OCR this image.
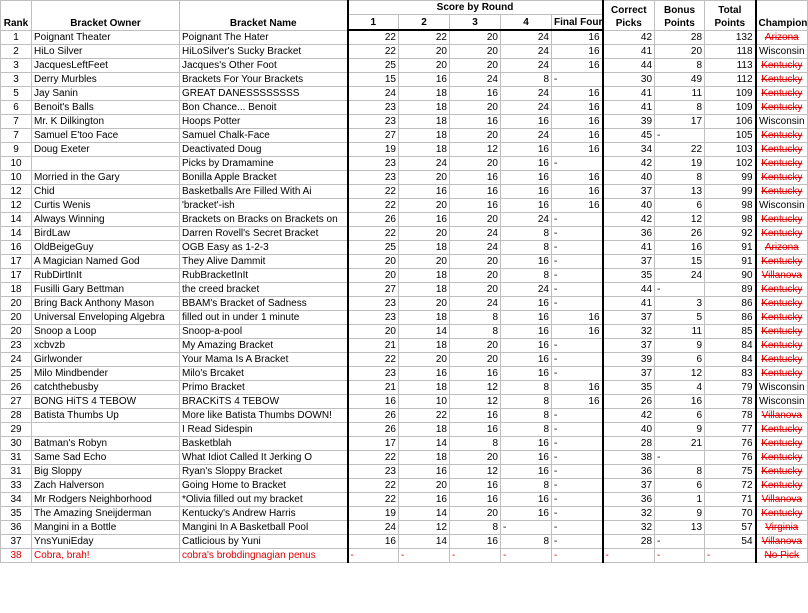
Rank	Bracket Owner	Bracket Name	Score by Round					Correct Picks	Bonus Points	Total Points	Champion
			1	2	3	4	Final Four				
1	Poignant Theater	Poignant The Hater	22	22	20	24	16	42	28	132	Arizona
2	HiLo Silver	HiLoSilver's Sucky Bracket	22	20	20	24	16	41	20	118	Wisconsin
3	JacquesLeftFeet	Jacques's Other Foot	25	20	20	24	16	44	8	113	Kentucky
3	Derry Murbles	Brackets For Your Brackets	15	16	24	8	-	30	49	112	Kentucky
5	Jay Sanin	GREAT DANESSSSSSSS	24	18	16	24	16	41	11	109	Kentucky
6	Benoit's Balls	Bon Chance... Benoit	23	18	20	24	16	41	8	109	Kentucky
7	Mr. K Dilkington	Hoops Potter	23	18	16	16	16	39	17	106	Wisconsin
7	Samuel E'too Face	Samuel Chalk-Face	27	18	20	24	16	45	-	105	Kentucky
9	Doug Exeter	Deactivated Doug	19	18	12	16	16	34	22	103	Kentucky
10		Picks by Dramamine	23	24	20	16	-	42	19	102	Kentucky
10	Morried in the Gary	Bonilla Apple Bracket	23	20	16	16	16	40	8	99	Kentucky
12	Chid	Basketballs Are Filled With Ai	22	16	16	16	16	37	13	99	Kentucky
12	Curtis Wenis	'bracket'-ish	22	20	16	16	16	40	6	98	Wisconsin
14	Always Winning	Brackets on Bracks on Brackets on	26	16	20	24	-	42	12	98	Kentucky
14	BirdLaw	Darren Rovell's Secret Bracket	22	20	24	8	-	36	26	92	Kentucky
16	OldBeigeGuy	OGB Easy as 1-2-3	25	18	24	8	-	41	16	91	Arizona
17	A Magician Named God	They Alive Dammit	20	20	20	16	-	37	15	91	Kentucky
17	RubDirtInIt	RubBracketInIt	20	18	20	8	-	35	24	90	Villanova
18	Fusilli Gary Bettman	the creed bracket	27	18	20	24	-	44	-	89	Kentucky
20	Bring Back Anthony Mason	BBAM's Bracket of Sadness	23	20	24	16	-	41	3	86	Kentucky
20	Universal Enveloping Algebra	filled out in under 1 minute	23	18	8	16	16	37	5	86	Kentucky
20	Snoop a Loop	Snoop-a-pool	20	14	8	16	16	32	11	85	Kentucky
23	xcbvzb	My Amazing Bracket	21	18	20	16	-	37	9	84	Kentucky
24	Girlwonder	Your Mama Is A Bracket	22	20	20	16	-	39	6	84	Kentucky
25	Milo Mindbender	Milo's Brcaket	23	16	16	16	-	37	12	83	Kentucky
26	catchthebusby	Primo Bracket	21	18	12	8	16	35	4	79	Wisconsin
27	BONG HiTS 4 TEBOW	BRACKiTS 4 TEBOW	16	10	12	8	16	26	16	78	Wisconsin
28	Batista Thumbs Up	More like Batista Thumbs DOWN!	26	22	16	8	-	42	6	78	Villanova
29		I Read Sidespin	26	18	16	8	-	40	9	77	Kentucky
30	Batman's Robyn	Basketblah	17	14	8	16	-	28	21	76	Kentucky
31	Same Sad Echo	What Idiot Called It Jerking O	22	18	20	16	-	38	-	76	Kentucky
31	Big Sloppy	Ryan's Sloppy Bracket	23	16	12	16	-	36	8	75	Kentucky
33	Zach Halverson	Going Home to Bracket	22	20	16	8	-	37	6	72	Kentucky
34	Mr Rodgers Neighborhood	*Olivia filled out my bracket	22	16	16	16	-	36	1	71	Villanova
35	The Amazing Sneijderman	Kentucky's Andrew Harris	19	14	20	16	-	32	9	70	Kentucky
36	Mangini in a Bottle	Mangini In A Basketball Pool	24	12	8	-	-	32	13	57	Virginia
37	YnsYuniEday	Catlicious by Yuni	16	14	16	8	-	28	-	54	Villanova
38	Cobra, brah!	cobra's brobdingnagian penus	-	-	-	-	-	-	-	-	No Pick
